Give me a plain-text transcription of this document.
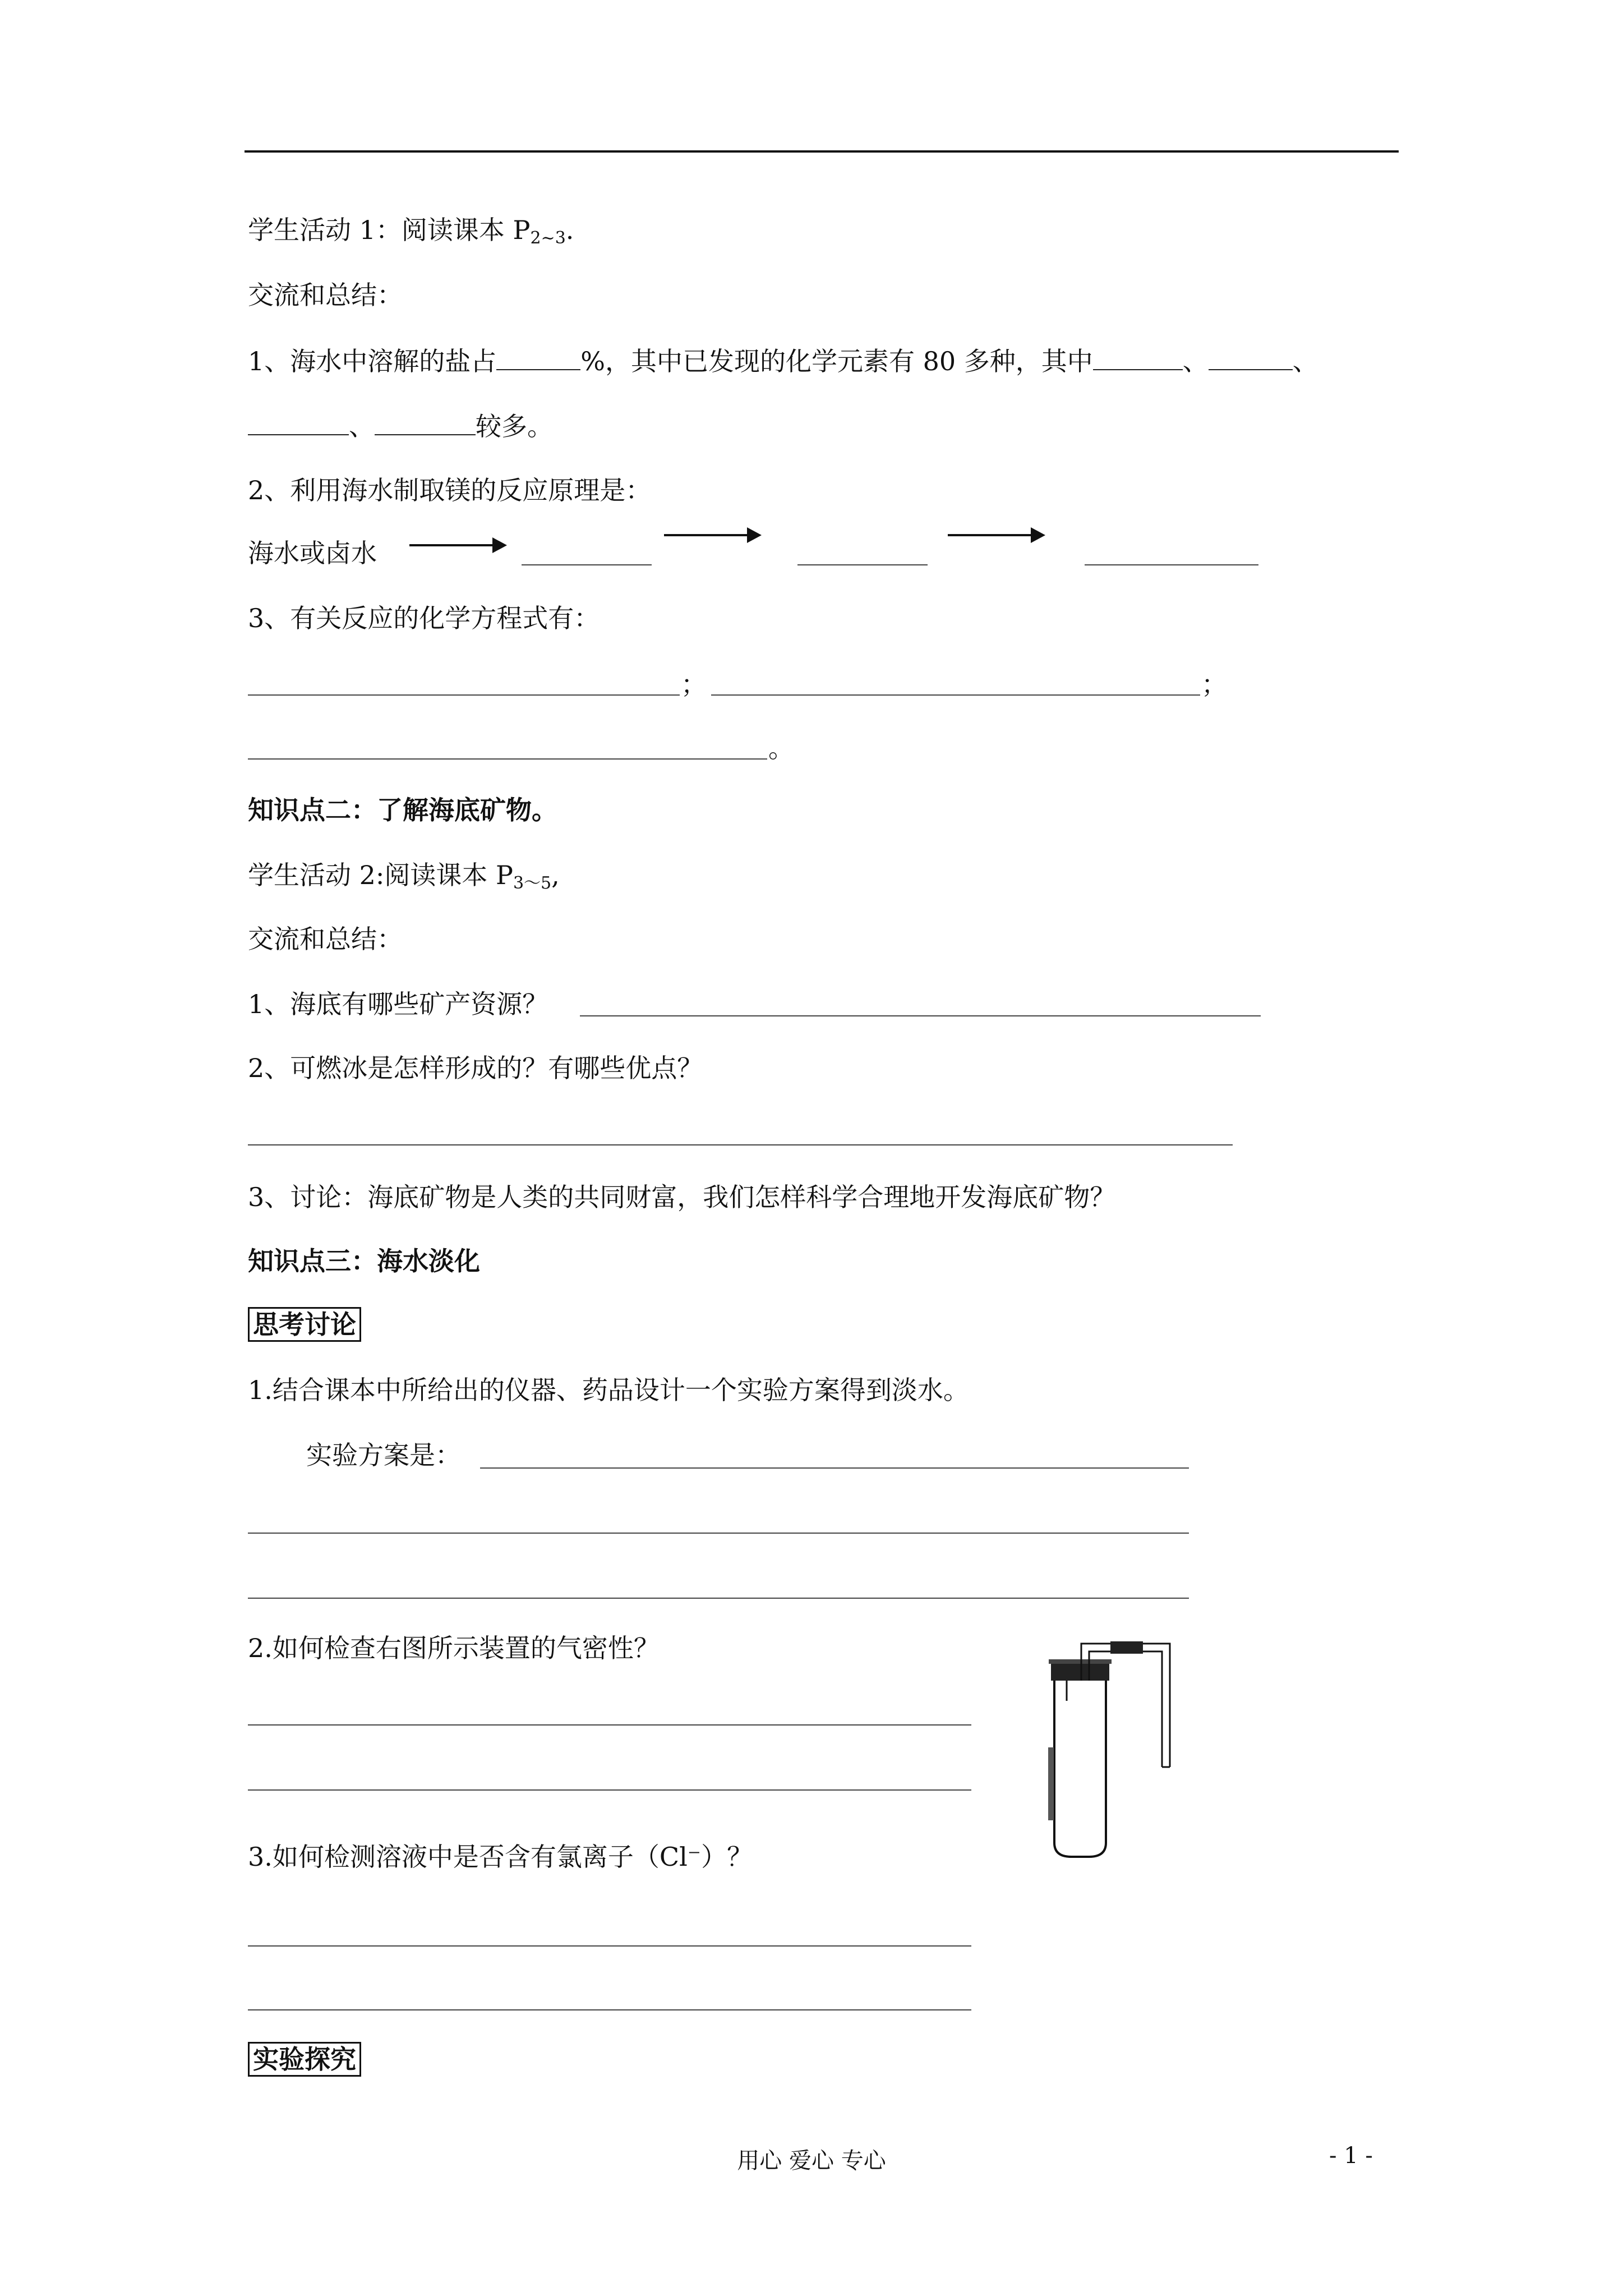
学生活动 1：阅读课本 $P_{2\sim 3}$.
交流和总结：
1、海水中溶解的盐占	%，其中已发现的化学元素有 80 多种，其中	、	、
、	较多。
2、利用海水制取镁的反应原理是：
海水或卤水
3、有关反应的化学方程式有：
；	；
。
知识点二：了解海底矿物。
学生活动 2:阅读课本 $P_{3\sim 5}$,
交流和总结：
1、海底有哪些矿产资源？
2、可燃冰是怎样形成的？有哪些优点？
3、讨论：海底矿物是人类的共同财富，我们怎样科学合理地开发海底矿物？
知识点三：海水淡化
思考讨论
1.结合课本中所给出的仪器、药品设计一个实验方案得到淡水。
实验方案是：
2.如何检查右图所示装置的气密性？
3.如何检测溶液中是否含有氯离子（Cl⁻）？
实验探究
用心 爱心 专心	- 1 -
